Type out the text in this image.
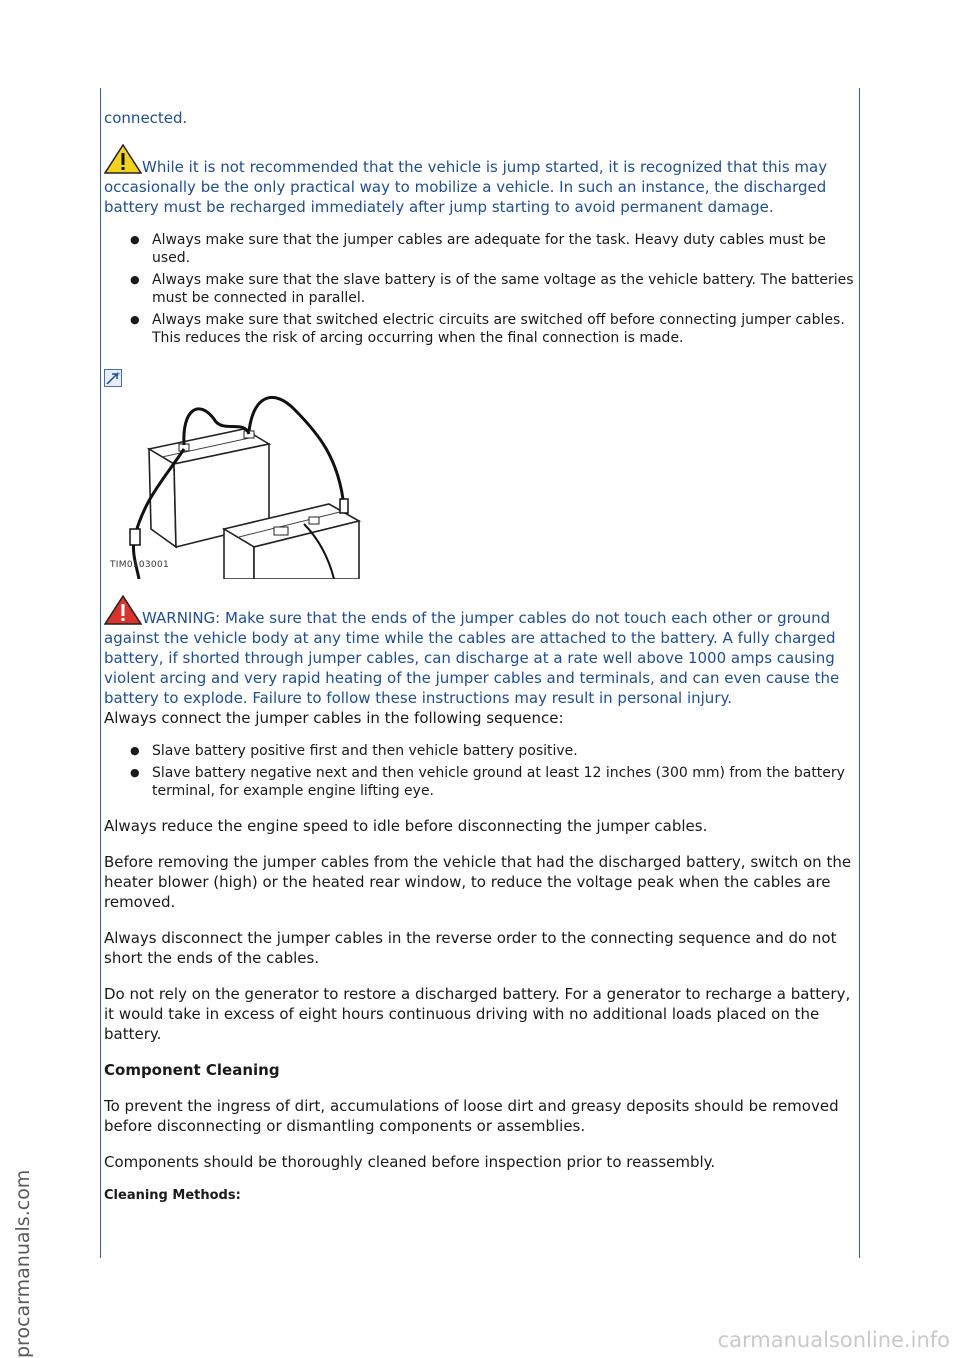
procarmanuals.com	carmanualsonline.info

connected.

While it is not recommended that the vehicle is jump started, it is recognized that this may occasionally be the only practical way to mobilize a vehicle. In such an instance, the discharged battery must be recharged immediately after jump starting to avoid permanent damage.

● Always make sure that the jumper cables are adequate for the task. Heavy duty cables must be used.
● Always make sure that the slave battery is of the same voltage as the vehicle battery. The batteries must be connected in parallel.
● Always make sure that switched electric circuits are switched off before connecting jumper cables. This reduces the risk of arcing occurring when the final connection is made.
+
TIM0103001

WARNING: Make sure that the ends of the jumper cables do not touch each other or ground against the vehicle body at any time while the cables are attached to the battery. A fully charged battery, if shorted through jumper cables, can discharge at a rate well above 1000 amps causing violent arcing and very rapid heating of the jumper cables and terminals, and can even cause the battery to explode. Failure to follow these instructions may result in personal injury.

Always connect the jumper cables in the following sequence:

● Slave battery positive first and then vehicle battery positive.
● Slave battery negative next and then vehicle ground at least 12 inches (300 mm) from the battery terminal, for example engine lifting eye.

Always reduce the engine speed to idle before disconnecting the jumper cables.

Before removing the jumper cables from the vehicle that had the discharged battery, switch on the heater blower (high) or the heated rear window, to reduce the voltage peak when the cables are removed.

Always disconnect the jumper cables in the reverse order to the connecting sequence and do not short the ends of the cables.

Do not rely on the generator to restore a discharged battery. For a generator to recharge a battery, it would take in excess of eight hours continuous driving with no additional loads placed on the battery.

Component Cleaning

To prevent the ingress of dirt, accumulations of loose dirt and greasy deposits should be removed before disconnecting or dismantling components or assemblies.

Components should be thoroughly cleaned before inspection prior to reassembly.

Cleaning Methods:
